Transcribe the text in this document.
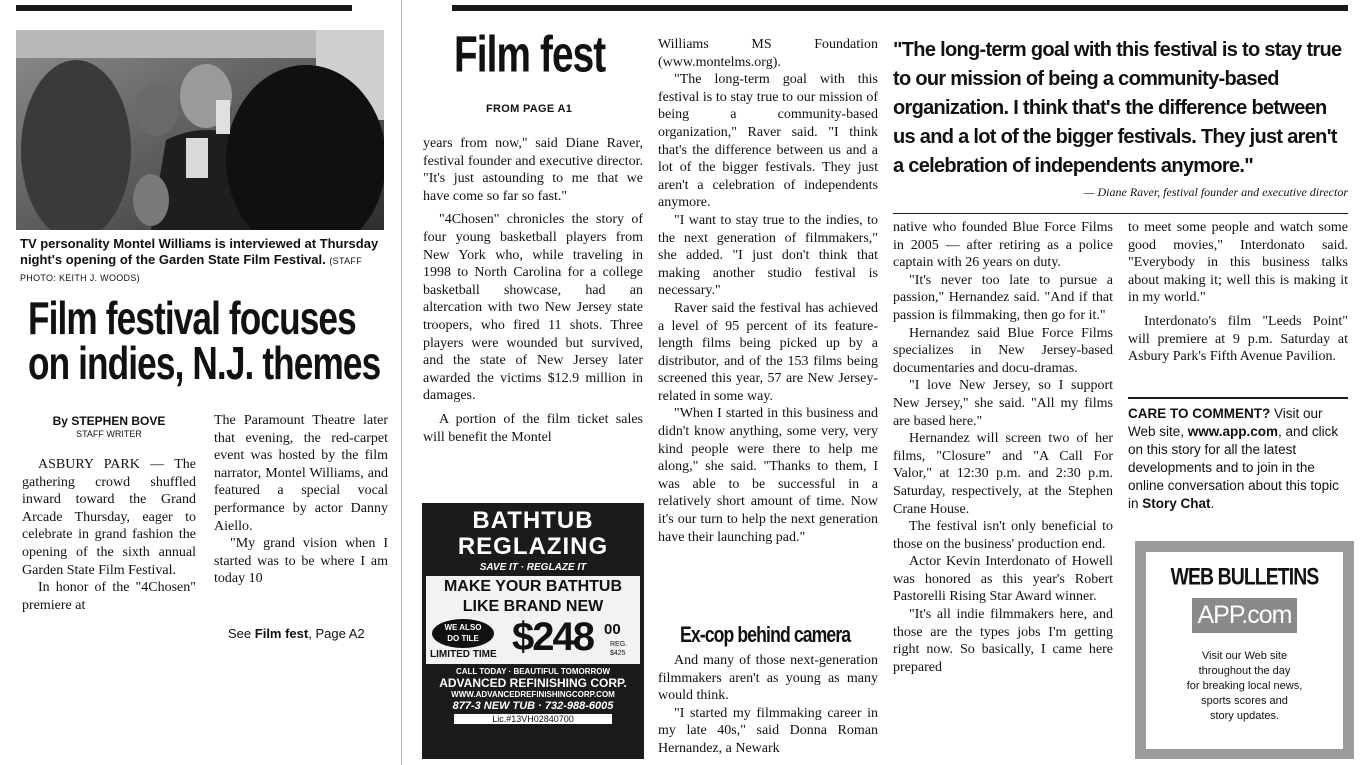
TV personality Montel Williams is interviewed at Thursday night's opening of the Garden State Film Festival. (STAFF PHOTO: KEITH J. WOODS)
Film festival focuses
on indies, N.J. themes
By STEPHEN BOVE
STAFF WRITER

ASBURY PARK — The gathering crowd shuffled inward toward the Grand Arcade Thursday, eager to celebrate in grand fashion the opening of the sixth annual Garden State Film Festival.

In honor of the "4Chosen" premiere at

The Paramount Theatre later that evening, the red-carpet event was hosted by the film narrator, Montel Williams, and featured a special vocal performance by actor Danny Aiello.

"My grand vision when I started was to be where I am today 10

See Film fest, Page A2
Film fest
FROM PAGE A1

years from now," said Diane Raver, festival founder and executive director. "It's just astounding to me that we have come so far so fast."

"4Chosen" chronicles the story of four young basketball players from New York who, while traveling in 1998 to North Carolina for a college basketball showcase, had an altercation with two New Jersey state troopers, who fired 11 shots. Three players were wounded but survived, and the state of New Jersey later awarded the victims $12.9 million in damages.

A portion of the film ticket sales will benefit the Montel

BATHTUB
REGLAZING
SAVE IT · REGLAZE IT
MAKE YOUR BATHTUB
LIKE BRAND NEW
WE ALSO
DO TILE
LIMITED TIME $248 00
REG.
$425
CALL TODAY · BEAUTIFUL TOMORROW
ADVANCED REFINISHING CORP.
WWW.ADVANCEDREFINISHINGCORP.COM
877-3 NEW TUB · 732-988-6005
Lic.#13VH02840700

Williams MS Foundation (www.montelms.org).

"The long-term goal with this festival is to stay true to our mission of being a community-based organization," Raver said. "I think that's the difference between us and a lot of the bigger festivals. They just aren't a celebration of independents anymore.

"I want to stay true to the indies, to the next generation of filmmakers," she added. "I just don't think that making another studio festival is necessary."

Raver said the festival has achieved a level of 95 percent of its feature-length films being picked up by a distributor, and of the 153 films being screened this year, 57 are New Jersey-related in some way.

"When I started in this business and didn't know anything, some very, very kind people were there to help me along," she said. "Thanks to them, I was able to be successful in a relatively short amount of time. Now it's our turn to help the next generation have their launching pad."

Ex-cop behind camera

And many of those next-generation filmmakers aren't as young as many would think.

"I started my filmmaking career in my late 40s," said Donna Roman Hernandez, a Newark

"The long-term goal with this festival is to stay true to our mission of being a community-based organization. I think that's the difference between us and a lot of the bigger festivals. They just aren't a celebration of independents anymore."
— Diane Raver, festival founder and executive director

native who founded Blue Force Films in 2005 — after retiring as a police captain with 26 years on duty.

"It's never too late to pursue a passion," Hernandez said. "And if that passion is filmmaking, then go for it."

Hernandez said Blue Force Films specializes in New Jersey-based documentaries and docu-dramas.

"I love New Jersey, so I support New Jersey," she said. "All my films are based here."

Hernandez will screen two of her films, "Closure" and "A Call For Valor," at 12:30 p.m. and 2:30 p.m. Saturday, respectively, at the Stephen Crane House.

The festival isn't only beneficial to those on the business' production end.

Actor Kevin Interdonato of Howell was honored as this year's Robert Pastorelli Rising Star Award winner.

"It's all indie filmmakers here, and those are the types jobs I'm getting right now. So basically, I came here prepared

to meet some people and watch some good movies," Interdonato said. "Everybody in this business talks about making it; well this is making it in my world."

Interdonato's film "Leeds Point" will premiere at 9 p.m. Saturday at Asbury Park's Fifth Avenue Pavilion.

CARE TO COMMENT? Visit our Web site, www.app.com, and click on this story for all the latest developments and to join in the online conversation about this topic in Story Chat.
WEB BULLETINS
APP.com
Visit our Web site
throughout the day
for breaking local news,
sports scores and
story updates.
